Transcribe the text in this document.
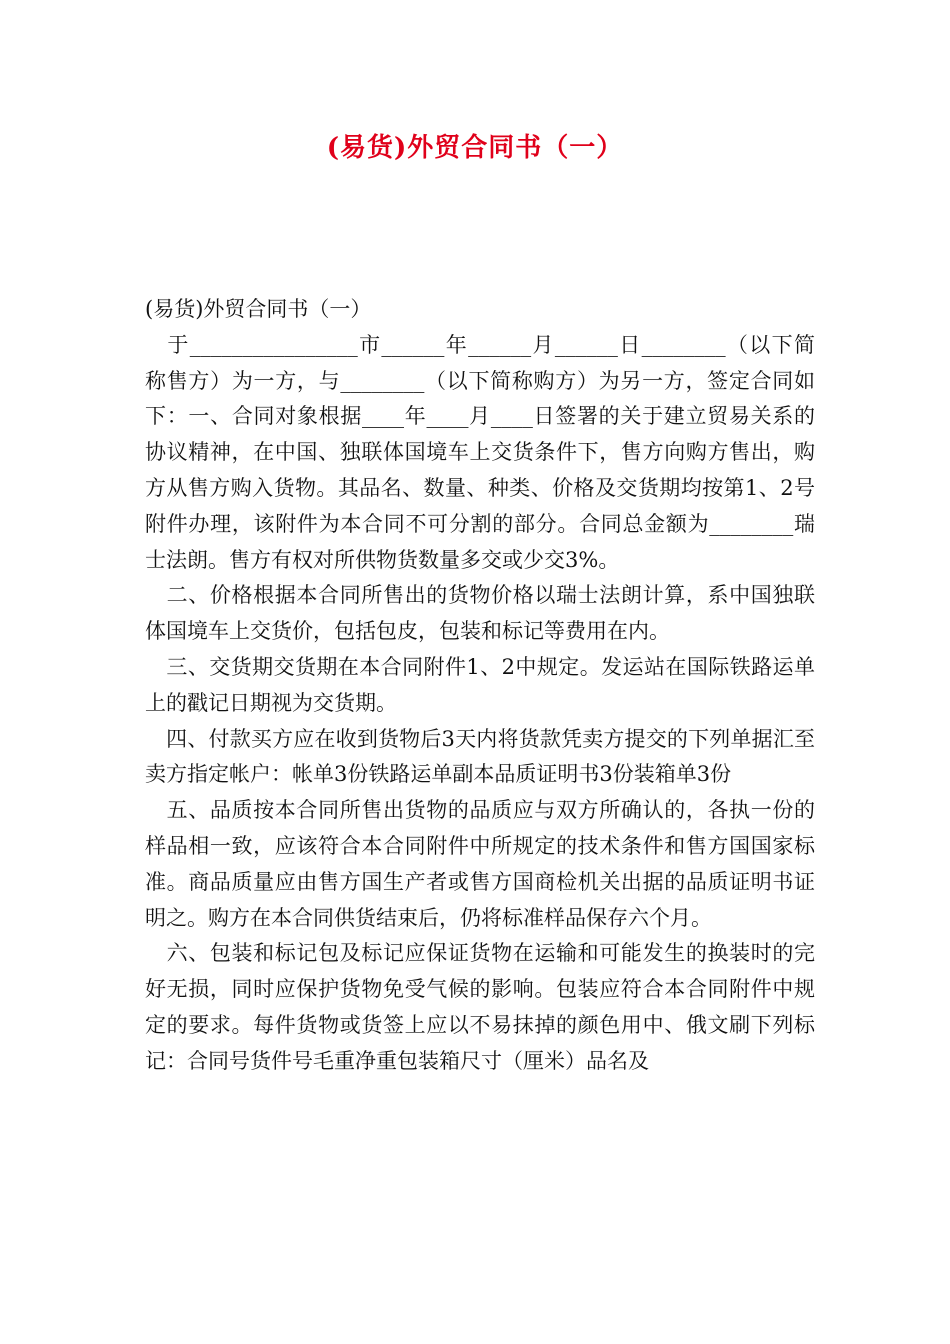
(易货)外贸合同书（一）

(易货)外贸合同书（一）

　于________________市______年______月______日________（以下简称售方）为一方，与________（以下简称购方）为另一方，签定合同如下：一、合同对象根据____年____月____日签署的关于建立贸易关系的协议精神，在中国、独联体国境车上交货条件下，售方向购方售出，购方从售方购入货物。其品名、数量、种类、价格及交货期均按第1、2号附件办理，该附件为本合同不可分割的部分。合同总金额为________瑞士法朗。售方有权对所供物货数量多交或少交3%。

　二、价格根据本合同所售出的货物价格以瑞士法朗计算，系中国独联体国境车上交货价，包括包皮，包装和标记等费用在内。

　三、交货期交货期在本合同附件1、2中规定。发运站在国际铁路运单上的戳记日期视为交货期。

　四、付款买方应在收到货物后3天内将货款凭卖方提交的下列单据汇至卖方指定帐户：帐单3份铁路运单副本品质证明书3份装箱单3份

　五、品质按本合同所售出货物的品质应与双方所确认的，各执一份的样品相一致，应该符合本合同附件中所规定的技术条件和售方国国家标准。商品质量应由售方国生产者或售方国商检机关出据的品质证明书证明之。购方在本合同供货结束后，仍将标准样品保存六个月。

　六、包装和标记包及标记应保证货物在运输和可能发生的换装时的完好无损，同时应保护货物免受气候的影响。包装应符合本合同附件中规定的要求。每件货物或货签上应以不易抹掉的颜色用中、俄文刷下列标记：合同号货件号毛重净重包装箱尺寸（厘米）品名及
